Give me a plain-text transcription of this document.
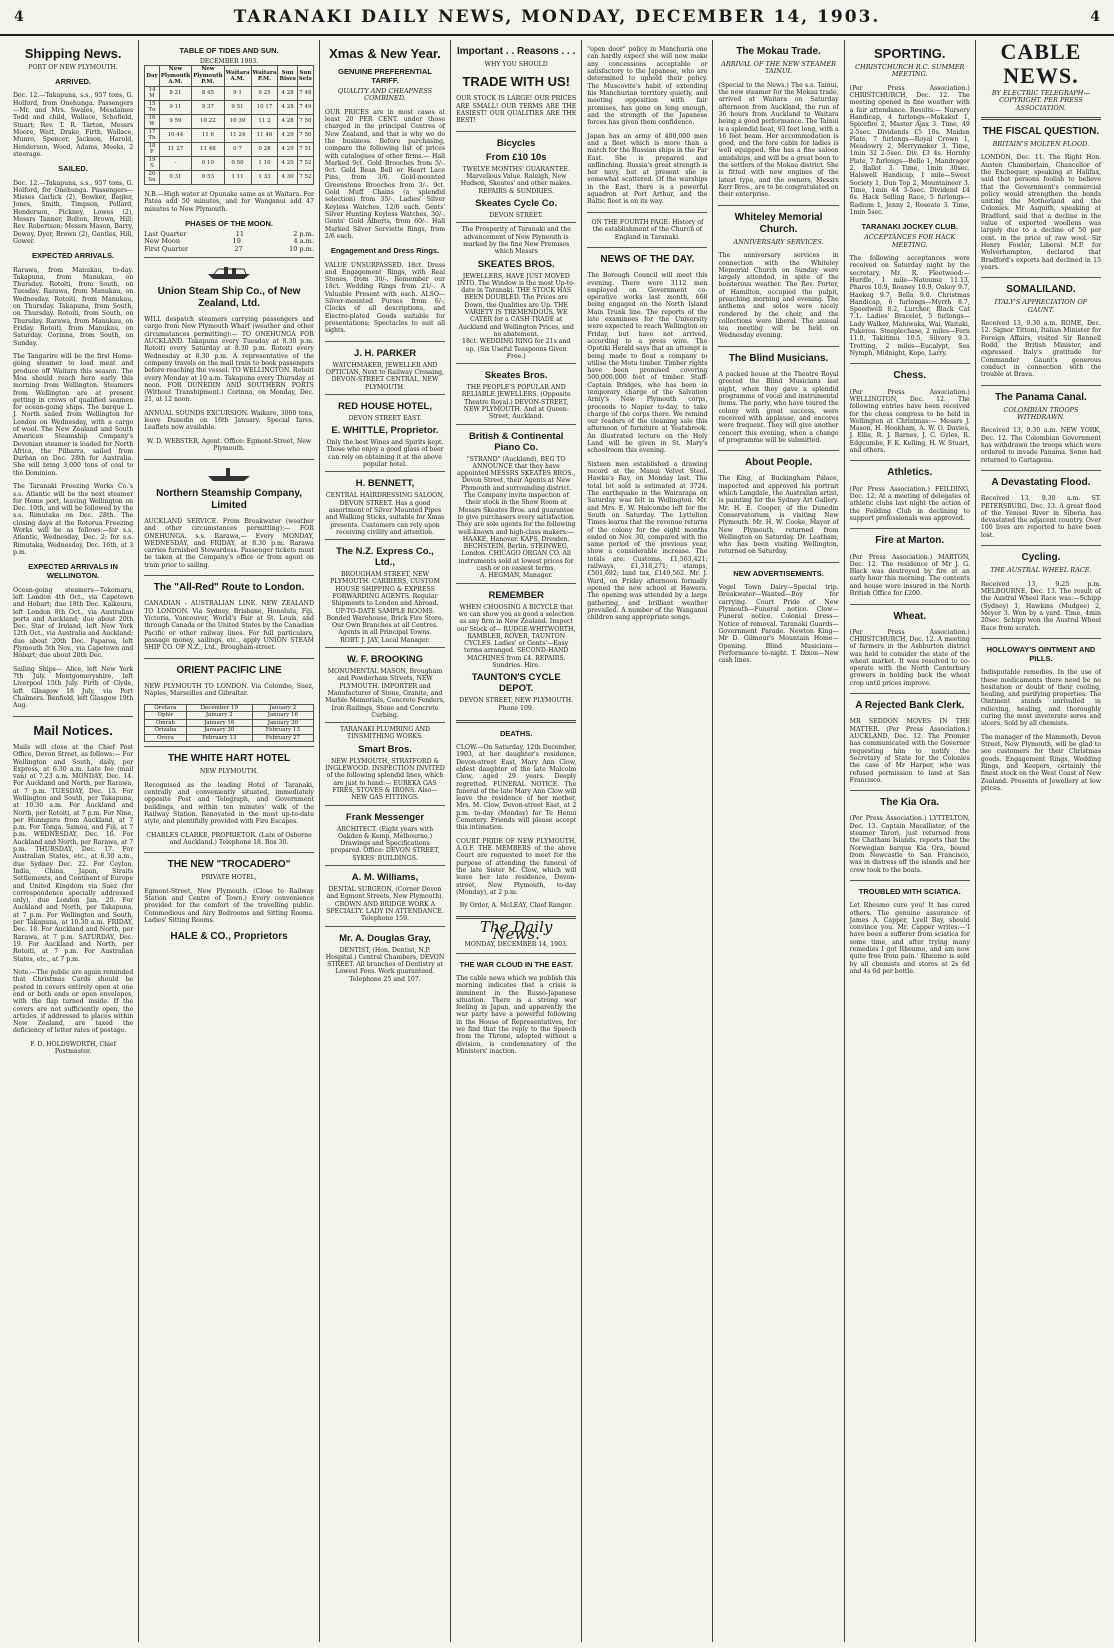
4	TARANAKI DAILY NEWS, MONDAY, DECEMBER 14, 1903.	4
Shipping News.
PORT OF NEW PLYMOUTH.
ARRIVED.

Dec. 12.—Takapuna, s.s., 957 tons, G. Holford, from Onehunga. Passengers—Mr. and Mrs. Swales, Mesdames Todd and child, Wallace, Schofield, Stuart; Rev. T. R. Tarton, Messrs Moore, Watt, Drake, Firth, Wallace, Munro, Spencer, Jackson, Harold, Henderson, Wood, Adams, Meeks, 2 steerage.

SAILED.

Dec. 12.—Takapuna, s.s., 957 tons, G. Holford, for Onehunga. Passengers—Misses Garlick (2), Bowker, Bagler, Jones, Smith, Timpson, Pollard, Henderson, Pickney, Lowes (2), Messrs Tanner, Bolton, Brown, Hill; Rev. Robertson; Messrs Mason, Barry, Dewey, Dyer, Brown (2), Gentles, Hill, Gower.

EXPECTED ARRIVALS.

Rarawa, from Manukau, to-day. Takapuna, from Manukau, on Thursday. Rotoiti, from South, on Tuesday. Rarawa, from Manukau, on Wednesday. Rotoiti, from Manukau, on Thursday. Takapuna, from South, on Thursday. Rotoiti, from South, on Thursday. Rarawa, from Manukau, on Friday. Rotoiti, from Manukau, on Saturday. Corinna, from South, on Sunday.

The Tangarire will be the first Home-going steamer to load meat and produce off Waitara this season. The Moa should reach here early this morning from Wellington. Steamers from Wellington are at present getting in crews of qualified seamen for ocean-going ships. The barque L. J. North sailed from Wellington for London on Wednesday, with a cargo of wool. The New Zealand and South American Steamship Company's Devonian steamer is loaded for North Africa, the Pilbarra, sailed from Durban on Dec. 28th for Australia. She will bring 3,000 tons of coal to the Dominion.

The Taranaki Freezing Works Co.'s s.s. Atlantic will be the next steamer for Home port, leaving Wellington on Dec. 10th, and will be followed by the s.s. Rimutaka on Dec. 28th. The closing days at the Rotorua Freezing Works will be as follows:—for s.s. Atlantic, Wednesday, Dec. 2; for s.s. Rimutaka, Wednesday, Dec. 16th, at 3 p.m.

EXPECTED ARRIVALS IN WELLINGTON.

Ocean-going steamers—Tokomaru, left London 4th Oct., via Capetown and Hobart; due 18th Dec. Kaikoura, left London 8th Oct., via Australian ports and Auckland; due about 20th Dec. Star of Ireland, left New York 12th Oct., via Australia and Auckland; due about 20th Dec. Paparoa, left Plymouth 5th Nov., via Capetown and Hobart; due about 28th Dec.

Sailing Ships— Alice, left New York 7th July. Montgomeryshire, left Liverpool 15th July. Firth of Clyde, left Glasgow 18 July, via Port Chalmers. Benfield, left Glasgow 19th Aug.

Mail Notices.

Mails will close at the Chief Post Office, Devon Street, as follows:— For Wellington and South, daily, per Express, at 6.30 a.m. Late fee (mail van) at 7.23 a.m. MONDAY, Dec. 14. For Auckland and North, per Rarawa, at 7 p.m. TUESDAY, Dec. 15. For Wellington and South, per Takapuna, at 10.30 a.m. For Auckland and North, per Rotoiti, at 7 p.m. For Nine, per Hunnguru from Auckland, at 7 p.m. For Tonga, Samoa, and Fiji, at 7 p.m. WEDNESDAY, Dec. 16. For Auckland and North, per Rarawa, at 7 p.m. THURSDAY, Dec. 17. For Australian States, etc., at 6.30 a.m., due Sydney Dec. 22. For Ceylon, India, China, Japan, Straits Settlements, and Continent of Europe and United Kingdom via Suez (for correspondence specially addressed only), due London Jan. 20. For Auckland and North, per Takapuna, at 7 p.m. For Wellington and South, per Takapuna, at 10.30 a.m. FRIDAY, Dec. 18. For Auckland and North, per Rarawa, at 7 p.m. SATURDAY, Dec. 19. For Auckland and North, per Rotoiti, at 7 p.m. For Australian States, etc., at 7 p.m.

Note.—The public are again reminded that Christmas Cards should be posted in covers entirely open at one end or both ends or open envelopes, with the flap turned inside. If the covers are not sufficiently open, the articles, if addressed to places within New Zealand, are taxed the deficiency of letter rates of postage.

F. D. HOLDSWORTH, Chief Postmaster.

TABLE OF TIDES AND SUN.
DECEMBER 1903.
Day	New Plymouth A.M.	New Plymouth P.M.	Waitara A.M.	Waitara P.M.	Sun Rises	Sun Sets
14 M	8 21	8 45	9 1	9 25	4 28	7 48
15 Tu	9 11	9 37	9 51	10 17	4 28	7 49
16 W	9 59	10 22	10 39	11 2	4 28	7 50
17 Th	10 44	11 6	11 24	11 46	4 29	7 50
18 F	11 27	11 48	0 7	0 28	4 29	7 51
19 S	-	0 10	0 50	1 10	4 29	7 52
20 Su	0 31	0 53	1 11	1 33	4 30	7 52

N.B.—High water at Opunake same as at Waitara. For Patea add 50 minutes, and for Wanganui add 47 minutes to New Plymouth.

PHASES OF THE MOON.
Last Quarter	11	2 p.m.
New Moon	19	4 a.m.
First Quarter	27	10 p.m.
Union Steam Ship Co., of New Zealand, Ltd.

WILL despatch steamers carrying passengers and cargo from New Plymouth Wharf (weather and other circumstances permitting):— TO ONEHUNGA FOR AUCKLAND. Takapuna every Tuesday at 8.30 p.m. Rotoiti every Saturday at 8.30 p.m. Rotoiti every Wednesday at 8.30 p.m. A representative of the company travels on the mail train to book passengers before reaching the vessel. TO WELLINGTON. Rotoiti every Monday at 10 a.m. Takapuna every Thursday at noon. FOR DUNEDIN AND SOUTHERN PORTS (Without Transhipment.) Corinna, on Monday, Dec. 21, at 12 noon.

ANNUAL SOUNDS EXCURSION. Waikare, 3000 tons, leave Dunedin on 16th January. Special fares. Leaflets now available.

W. D. WEBSTER, Agent. Office: Egmont-Street, New Plymouth.

Northern Steamship Company, Limited

AUCKLAND SERVICE. From Breakwater (weather and other circumstances permitting):— FOR ONEHUNGA. s.s. Rarawa,— Every MONDAY, WEDNESDAY, and FRIDAY, at 8.30 p.m. Rarawa carries furnished Stewardess. Passenger tickets must be taken at the Company's office or from agent on train prior to sailing.

The "All-Red" Route to London.

CANADIAN - AUSTRALIAN LINE. NEW ZEALAND TO LONDON. Via Sydney, Brisbane, Honolulu, Fiji, Victoria, Vancouver, World's Fair at St. Louis, and through Canada or the United States by the Canadian Pacific or other railway lines. For full particulars, passage money, sailings, etc., apply UNION STEAM SHIP CO. OF N.Z., Ltd., Brougham-street.

ORIENT PACIFIC LINE

NEW PLYMOUTH TO LONDON. Via Colombo, Suez, Naples, Marseilles and Gibraltar.

Orotava	December 19	January 2
Ophir	January 2	January 16
Omrah	January 16	January 30
Orizaba	January 30	February 13
Oroya	February 13	February 27
THE WHITE HART HOTEL
NEW PLYMOUTH.

Recognised as the leading Hotel of Taranaki, centrally and conveniently situated, immediately opposite Post and Telegraph, and Government buildings, and within ten minutes' walk of the Railway Station. Renovated in the most up-to-date style, and plentifully provided with Fire Escapes.

CHARLES CLARKE, PROPRIETOR. (Late of Osborne and Auckland.) Telephone 18. Box 30.

THE NEW "TROCADERO"
PRIVATE HOTEL,

Egmont-Street, New Plymouth. (Close to Railway Station and Centre of Town.) Every convenience provided for the comfort of the travelling public. Commodious and Airy Bedrooms and Sitting Rooms. Ladies' Sitting Rooms.

HALE & CO., Proprietors
Xmas & New Year.
GENUINE PREFERENTIAL TARIFF.
QUALITY AND CHEAPNESS COMBINED.

OUR PRICES are in most cases at least 20 PER CENT. under those charged in the principal Centres of New Zealand, and that is why we do the business. Before purchasing, compare the following list of prices with catalogues of other firms.— Hall Marked 9ct. Gold Brooches from 5/-. 9ct. Gold Bean Bell or Heart Lace Pins, from 3/6. Gold-mounted Greenstone Brooches from 3/-. 9ct. Gold Muff Chains (a splendid selection) from 35/-. Ladies' Silver Keyless Watches, 12/6 each. Gents' Silver Hunting Keyless Watches, 30/-. Gents' Gold Alberts, from 60/-. Hall Marked Silver Serviette Rings, from 2/6 each.

Engagement and Dress Rings.

VALUE UNSURPASSED. 18ct. Dress and Engagement Rings, with Real Stones, from 30/-. Remember our 18ct. Wedding Rings from 21/-. A Valuable Present with each. ALSO—Silver-mounted Purses from 6/-; Clocks of all descriptions, and Electro-plated Goods suitable for presentations; Spectacles to suit all sights.

J. H. PARKER
WATCHMAKER, JEWELLER AND OPTICIAN, Next to Railway Crossing, DEVON-STREET CENTRAL, NEW PLYMOUTH.
RED HOUSE HOTEL,
DEVON STREET EAST.
E. WHITTLE, Proprietor.
Only the best Wines and Spirits kept. Those who enjoy a good glass of beer can rely on obtaining it at the above popular hotel.
H. BENNETT,
CENTRAL HAIRDRESSING SALOON, DEVON STREET. Has a good assortment of Silver Mounted Pipes and Walking Sticks, suitable for Xmas presents. Customers can rely upon receiving civility and attention.
The N.Z. Express Co., Ltd.,
BROUGHAM STREET, NEW PLYMOUTH. CARRIERS, CUSTOM HOUSE SHIPPING & EXPRESS FORWARDING AGENTS. Regular Shipments to London and Abroad. UP-TO-DATE SAMPLE ROOMS. Bonded Warehouse, Brick Fire Store. Our Own Branches at all Centres. Agents in all Principal Towns.
ROBT. J. JAY, Local Manager.
W. F. BROOKING
MONUMENTAL MASON, Brougham and Powderham Streets, NEW PLYMOUTH. IMPORTER and Manufacturer of Stone, Granite, and Marble Memorials, Concrete Fenders, Iron Railings, Stone and Concrete Curbing.
TARANAKI PLUMBING AND TINSMITHING WORKS.
Smart Bros.
NEW PLYMOUTH, STRATFORD & INGLEWOOD. INSPECTION INVITED of the following splendid lines, which are just to hand:— EUREKA GAS FIRES, STOVES & IRONS. Also—NEW GAS FITTINGS.
Frank Messenger
ARCHITECT. (Eight years with Oakden & Kemp, Melbourne.) Drawings and Specifications prepared. Office: DEVON STREET, SYKES' BUILDINGS.
A. M. Williams,
DENTAL SURGEON, (Corner Devon and Egmont Streets, New Plymouth). CROWN AND BRIDGE WORK A SPECIALTY. LADY IN ATTENDANCE. Telephone 159.
Mr. A. Douglas Gray,
DENTIST, (Hon. Dentist, N.P. Hospital.) Central Chambers, DEVON STREET. All branches of Dentistry at Lowest Fees. Work guaranteed. Telephone 25 and 107.
Important . . Reasons . . .
WHY YOU SHOULD
TRADE WITH US!

OUR STOCK IS LARGE! OUR PRICES ARE SMALL! OUR TERMS ARE THE EASIEST! OUR QUALITIES ARE THE BEST!

Bicycles
From £10 10s
TWELVE MONTHS' GUARANTEE. Marvellous Value. Raleigh, New Hudson, Skeates' and other makes. REPAIRS & SUNDRIES.
Skeates Cycle Co.
DEVON STREET.
The Prosperity of Taranaki and the advancement of New Plymouth is marked by the fine New Premises which Messrs
SKEATES BROS.
JEWELLERS, HAVE JUST MOVED INTO. The Window is the most Up-to-date in Taranaki. THE STOCK HAS BEEN DOUBLED. The Prices are Down, the Qualities are Up. THE VARIETY IS TREMENDOUS. WE CATER for a CASH TRADE at Auckland and Wellington Prices, and no abatement.
18ct. WEDDING RING for 21s and up. (Six Useful Teaspoons Given Free.)
Skeates Bros.
THE PEOPLE'S POPULAR AND RELIABLE JEWELLERS. (Opposite Theatre Royal.) DEVON-STREET, NEW PLYMOUTH. And at Queen-Street, Auckland.
British & Continental Piano Co.
"STRAND" (Auckland), BEG TO ANNOUNCE that they have appointed MESSRS SKEATES BROS., Devon Street, their Agents at New Plymouth and surrounding district. The Company invite inspection of their stock in the Show Room at Messrs Skeates Bros. and guarantee to give purchasers every satisfaction. They are sole agents for the following well-known and high-class makers:— HAAKE, Hanover. KAPS, Dresden. BECHSTEIN, Berlin. STEINWEG, London. CHICAGO ORGAN CO. All instruments sold at lowest prices for cash or on easiest terms.
A. HEGMAN, Manager.
REMEMBER
WHEN CHOOSING A BICYCLE that we can show you as good a selection as any firm in New Zealand. Inspect our Stock of— RUDGE-WHITWORTH, RAMBLER, ROVER, TAUNTON CYCLES. Ladies' or Gents'—Easy terms arranged. SECOND-HAND MACHINES from £4. REPAIRS. Sundries. Hire.
TAUNTON'S CYCLE DEPOT.
DEVON STREET, NEW PLYMOUTH. Phone 109.
DEATHS.

CLOW.—On Saturday, 12th December, 1903, at her daughter's residence, Devon-street East, Mary Ann Clow, eldest daughter of the late Malcolm Clow, aged 29 years. Deeply regretted. FUNERAL NOTICE. The funeral of the late Mary Ann Clow will leave the residence of her mother, Mrs. M. Clow, Devon-street East, at 2 p.m. to-day (Monday) for Te Henui Cemetery. Friends will please accept this intimation.

COURT PRIDE OF NEW PLYMOUTH, A.O.F. THE MEMBERS of the above Court are requested to meet for the purpose of attending the funeral of the late Sister M. Clow, which will leave her late residence, Devon-street, New Plymouth, to-day (Monday), at 2 p.m.

By Order, A. McLEAY, Chief Ranger.

The Daily News.
MONDAY, DECEMBER 14, 1903.
THE WAR CLOUD IN THE EAST.

The cable news which we publish this morning indicates that a crisis is imminent in the Russo-Japanese situation. There is a strong war feeling in Japan, and apparently the war party have a powerful following in the House of Representatives, for we find that the reply to the Speech from the Throne, adopted without a division, is condemnatory of the Ministers' inaction.

"open door" policy in Manchuria one can hardly expect she will now make any concessions acceptable or satisfactory to the Japanese, who are determined to uphold their policy. The Muscovite's habit of extending his Manchurian territory quietly, and meeting opposition with fair promises, has gone on long enough, and the strength of the Japanese forces has given them confidence.

Japan has an army of 400,000 men and a fleet which is more than a match for the Russian ships in the Far East. She is prepared and unflinching. Russia's great strength is her navy, but at present she is somewhat scattered. Of the warships in the East, there is a powerful squadron at Port Arthur, and the Baltic fleet is on its way.

ON THE FOURTH PAGE: History of the establishment of the Church of England in Taranaki.

NEWS OF THE DAY.

The Borough Council will meet this evening. There were 3112 men employed on Government co-operative works last month, 668 being engaged on the North Island Main Trunk line. The reports of the late examinees for the University were expected to reach Wellington on Friday, but have not arrived, according to a press wire. The Opotiki Herald says that an attempt is being made to float a company to utilise the Motu timber. Timber rights have been promised covering 500,000,000 feet of timber. Staff-Captain Bridges, who has been in temporary charge of the Salvation Army's New Plymouth corps, proceeds to Napier to-day, to take charge of the corps there. We remind our readers of the cleaning sale this afternoon of furniture at Yeatsbrook. An illustrated lecture on the Holy Land will be given in St. Mary's schoolroom this evening.

Sixteen men established a drawing record at the Manui Velvet Steel. Hawke's Bay, on Monday last. The total lot sold is estimated at 3724. The earthquake in the Wairarapa on Saturday was felt in Wellington. Mr. and Mrs. E. W. Halcombe left for the South on Saturday. The Lyttelton Times learns that the revenue returns of the colony for the eight months ended on Nov. 30, compared with the same period of the previous year, show a considerable increase. The totals are: Customs, £1,563,421; railways, £1,318,271; stamps, £501,692; land tax, £149,562. Mr. J. Ward, on Friday afternoon formally opened the new school at Hawera. The opening was attended by a large gathering, and brilliant weather prevailed. A number of the Wanganui children sang appropriate songs.

The Mokau Trade.
ARRIVAL OF THE NEW STEAMER TAINUI.

(Special to the News.) The s.s. Tainui, the new steamer for the Mokau trade, arrived at Waitara on Saturday afternoon from Auckland, the run of 36 hours from Auckland to Waitara being a good performance. The Tainui is a splendid boat, 93 feet long, with a 16 foot beam. Her accommodation is good, and the fore cabin for ladies is well equipped. She has a fine saloon amidships, and will be a great boon to the settlers of the Mokau district. She is fitted with new engines of the latest type, and the owners, Messrs Kerr Bros., are to be congratulated on their enterprise.

Whiteley Memorial Church.
ANNIVERSARY SERVICES.

The anniversary services in connection with the Whiteley Memorial Church on Sunday were largely attended, in spite of the boisterous weather. The Rev. Porter, of Hamilton, occupied the pulpit, preaching morning and evening. The anthems and solos were nicely rendered by the choir, and the collections were liberal. The annual tea meeting will be held on Wednesday evening.

The Blind Musicians.

A packed house at the Theatre Royal greeted the Blind Musicians last night, when they gave a splendid programme of vocal and instrumental items. The party, who have toured the colony with great success, were received with applause, and encores were frequent. They will give another concert this evening, when a change of programme will be submitted.

About People.

The King, at Buckingham Palace, inspected and approved his portrait which Langdale, the Australian artist, is painting for the Sydney Art Gallery. Mr. H. E. Cooper, of the Dunedin Conservatorium, is visiting New Plymouth. Mr. H. W. Cooke, Mayor of New Plymouth, returned from Wellington on Saturday. Dr. Leatham, who has been visiting Wellington, returned on Saturday.

NEW ADVERTISEMENTS.

Vogel Town Dairy—Special trip. Breakwater—Wanted—Boy for carrying. Court Pride of New Plymouth—Funeral notice. Clow—Funeral notice. Colonial Dress—Notice of removal. Taranaki Guards—Government Parade. Newton King—Mr D. Gilmour's Mountain Home—Opening. Blind Musicians—Performance to-night. T. Dixon—New cash lines.

SPORTING.
CHRISTCHURCH R.C. SUMMER MEETING.

(Per Press Association.) CHRISTCHURCH, Dec. 12. The meeting opened in fine weather with a fair attendance. Results:— Nursery Handicap, 4 furlongs—Makakof 1, Spicefire 2, Master Ajax 3. Time, 49 2-5sec. Dividends £5 10s. Maiden Plate, 7 furlongs—Royal Crown 1, Meadowry 2, Merrymaker 3. Time, 1min 32 2-5sec. Div. £3 4s. Hornby Plate, 7 furlongs—Belle 1, Mandragor 2. Ballot 3. Time, 1min 30sec. Halswell Handicap, 1 mile—Sweet Society 1, Dun Top 2, Mountaineer 3. Time, 1min 44 3-5sec. Dividend £4 6s. Hack Selling Race, 5 furlongs—Radium 1, Jenny 2, Roseate 3. Time, 1min 5sec.

TARANAKI JOCKEY CLUB.
ACCEPTANCES FOR HACK MEETING.

The following acceptances were received on Saturday night by the secretary, Mr. R. Fleetwood:— Hurdle, 1 mile—Natouma 11.13, Pharos 10.9, Roaney 10.9, Oakey 9.7, Haekeg 9.7, Bella 9.0. Christmas Handicap, 6 furlongs—Myrrh 8.7, Speedwell 8.2, Lurcher, Black Cat 7.1. Ladies' Bracelet, 5 furlongs—Lady Walker, Mahiwaka, Wai, Waitaki, Pukeroa. Steeplechase, 2 miles—Fern 11.0, Takitimu 10.5, Silvery 9.3. Trotting, 2 miles—Eucalypt, Sea Nymph, Midnight, Kopo, Larry.

Chess.

(Per Press Association.) WELLINGTON, Dec. 12. The following entries have been received for the chess congress to be held in Wellington at Christmas:— Messrs J. Mason, H. Hookham, A. W. O. Davies, J. Ellis, R. J. Barnes, J. C. Gyles, R. Edgcumbe, F. K. Kelling, H. W. Stuart, and others.

Athletics.

(Per Press Association.) FEILDING, Dec. 12. At a meeting of delegates of athletic clubs last night the action of the Feilding Club in declining to support professionals was approved.

Fire at Marton.

(Per Press Association.) MARTON, Dec. 12. The residence of Mr J. G. Black was destroyed by fire at an early hour this morning. The contents and house were insured in the North British Office for £200.

Wheat.

(Per Press Association.) CHRISTCHURCH, Dec. 12. A meeting of farmers in the Ashburton district was held to consider the state of the wheat market. It was resolved to co-operate with the North Canterbury growers in holding back the wheat crop until prices improve.

A Rejected Bank Clerk.

MR SEDDON MOVES IN THE MATTER. (Per Press Association.) AUCKLAND, Dec. 12. The Premier has communicated with the Governor requesting him to notify the Secretary of State for the Colonies the case of Mr Harper, who was refused permission to land at San Francisco.

The Kia Ora.

(Per Press Association.) LYTTELTON, Dec. 13. Captain Macallister, of the steamer Tarori, just returned from the Chatham Islands, reports that the Norwegian barque Kia Ora, bound from Newcastle to San Francisco, was in distress off the islands and her crew took to the boats.

TROUBLED WITH SCIATICA.

Let Rheumo cure you! It has cured others. The genuine assurance of James A. Capper, Lyell Bay, should convince you. Mr. Capper writes:—'I have been a sufferer from sciatica for some time, and after trying many remedies I got Rheumo, and am now quite free from pain.' Rheumo is sold by all chemists and stores at 2s 6d and 4s 6d per bottle.

CABLE NEWS.
BY ELECTRIC TELEGRAPH—COPYRIGHT. PER PRESS ASSOCIATION.
THE FISCAL QUESTION.
BRITAIN'S MOLTEN FLOOD.

LONDON, Dec. 11. The Right Hon. Austen Chamberlain, Chancellor of the Exchequer, speaking at Halifax, said that persons foolish to believe that the Government's commercial policy would strengthen the bonds uniting the Motherland and the Colonies. Mr Asquith, speaking at Bradford, said that a decline in the value of exported woollens was largely due to a decline of 50 per cent. in the price of raw wool. Sir Henry Fowler, Liberal M.P. for Wolverhampton, declared that Bradford's exports had declined in 15 years.

SOMALILAND.
ITALY'S APPRECIATION OF GAUNT.

Received 13, 9.30 a.m. ROME, Dec. 12. Signor Tittoni, Italian Minister for Foreign Affairs, visited Sir Rennell Rodd, the British Minister, and expressed Italy's gratitude for Commander Gaunt's generous conduct in connection with the trouble at Brava.

The Panama Canal.
COLOMBIAN TROOPS WITHDRAWN.

Received 13, 9.30 a.m. NEW YORK, Dec. 12. The Colombian Government has withdrawn the troops which were ordered to invade Panama. Some had returned to Cartagena.

A Devastating Flood.

Received 13, 9.30 a.m. ST. PETERSBURG, Dec. 13. A great flood of the Yenisei River in Siberia has devastated the adjacent country. Over 100 lives are reported to have been lost.

Cycling.
THE AUSTRAL WHEEL RACE.

Received 13, 9.25 p.m. MELBOURNE, Dec. 13. The result of the Austral Wheel Race was:—Schipp (Sydney) 1, Hawkins (Mudgee) 2, Meyer 3. Won by a yard. Time, 4min 20sec. Schipp won the Austral Wheel Race from scratch.

HOLLOWAY'S OINTMENT AND PILLS.

Indisputable remedies. In the use of these medicaments there need be no hesitation or doubt of their cooling, healing, and purifying properties. The Ointment stands unrivalled in relieving, healing, and thoroughly curing the most inveterate sores and ulcers. Sold by all chemists.

The manager of the Mammoth, Devon Street, New Plymouth, will be glad to see customers for their Christmas goods. Engagement Rings, Wedding Rings, and Keepers, certainly the finest stock on the West Coast of New Zealand. Presents of Jewellery at low prices.
